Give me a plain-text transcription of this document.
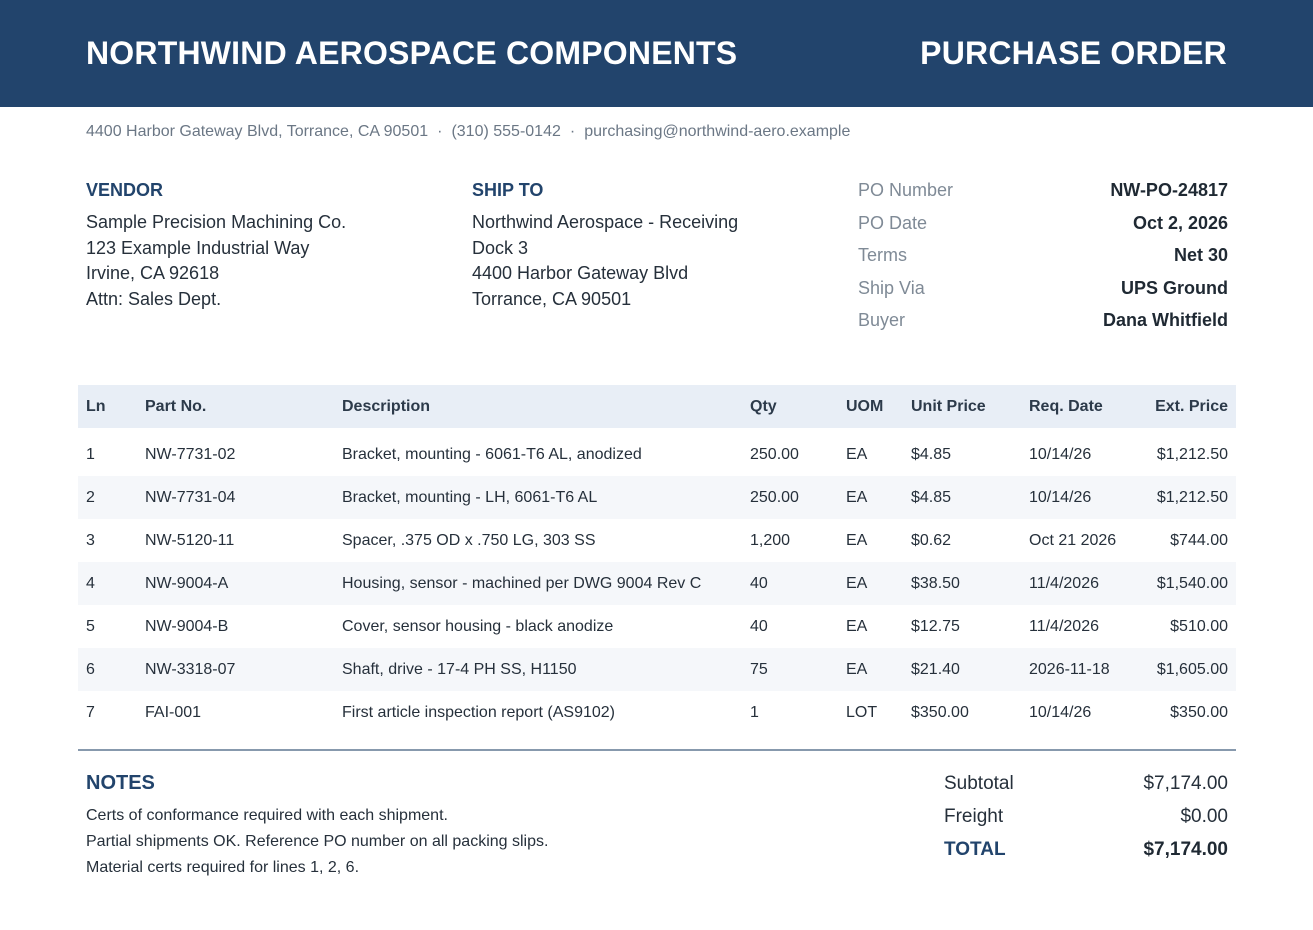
NORTHWIND AEROSPACE COMPONENTS	PURCHASE ORDER
4400 Harbor Gateway Blvd, Torrance, CA 90501 · (310) 555-0142 · purchasing@northwind-aero.example
VENDOR
Sample Precision Machining Co.
123 Example Industrial Way
Irvine, CA 92618
Attn: Sales Dept.
SHIP TO
Northwind Aerospace - Receiving
Dock 3
4400 Harbor Gateway Blvd
Torrance, CA 90501
PO Number	NW-PO-24817
PO Date	Oct 2, 2026
Terms	Net 30
Ship Via	UPS Ground
Buyer	Dana Whitfield
Ln	Part No.	Description	Qty	UOM	Unit Price	Req. Date	Ext. Price

1	NW-7731-02	Bracket, mounting - 6061-T6 AL, anodized	250.00	EA	$4.85	10/14/26	$1,212.50
2	NW-7731-04	Bracket, mounting - LH, 6061-T6 AL	250.00	EA	$4.85	10/14/26	$1,212.50
3	NW-5120-11	Spacer, .375 OD x .750 LG, 303 SS	1,200	EA	$0.62	Oct 21 2026	$744.00
4	NW-9004-A	Housing, sensor - machined per DWG 9004 Rev C	40	EA	$38.50	11/4/2026	$1,540.00
5	NW-9004-B	Cover, sensor housing - black anodize	40	EA	$12.75	11/4/2026	$510.00
6	NW-3318-07	Shaft, drive - 17-4 PH SS, H1150	75	EA	$21.40	2026-11-18	$1,605.00
7	FAI-001	First article inspection report (AS9102)	1	LOT	$350.00	10/14/26	$350.00
NOTES
Certs of conformance required with each shipment.
Partial shipments OK. Reference PO number on all packing slips.
Material certs required for lines 1, 2, 6.
Subtotal	$7,174.00
Freight	$0.00
TOTAL	$7,174.00
